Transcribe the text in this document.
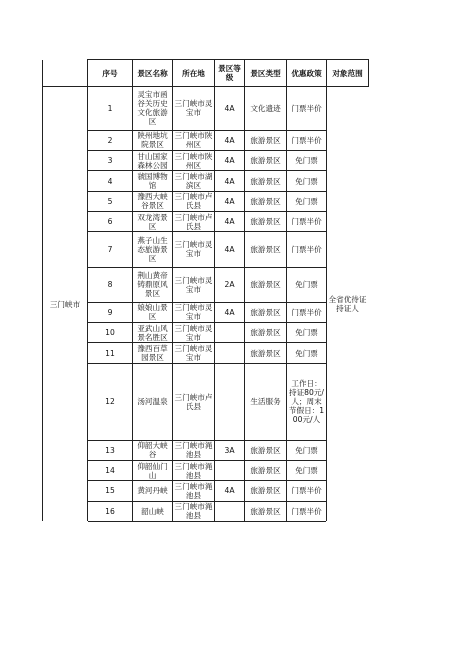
	序号	景区名称	所在地	景区等级	景区类型	优惠政策	对象范围
三门峡市	1	灵宝市函谷关历史文化旅游区	三门峡市灵宝市	4A	文化遗迹	门票半价	全省优待证持证人
	2	陕州地坑院景区	三门峡市陕州区	4A	旅游景区	门票半价	
	3	甘山国家森林公园	三门峡市陕州区	4A	旅游景区	免门票	
	4	虢国博物馆	三门峡市湖滨区	4A	旅游景区	免门票	
	5	豫西大峡谷景区	三门峡市卢氏县	4A	旅游景区	免门票	
	6	双龙湾景区	三门峡市卢氏县	4A	旅游景区	门票半价	
	7	燕子山生态旅游景区	三门峡市灵宝市	4A	旅游景区	门票半价	
	8	荆山黄帝铸鼎原风景区	三门峡市灵宝市	2A	旅游景区	免门票	
	9	娘娘山景区	三门峡市灵宝市	4A	旅游景区	门票半价	
	10	亚武山风景名胜区	三门峡市灵宝市		旅游景区	免门票	
	11	豫西百草园景区	三门峡市灵宝市		旅游景区	免门票	
	12	汤河温泉	三门峡市卢氏县		生活服务	工作日：持证80元/人；周末节假日：100元/人	
	13	仰韶大峡谷	三门峡市渑池县	3A	旅游景区	免门票	
	14	仰韶仙门山	三门峡市渑池县		旅游景区	免门票	
	15	黄河丹峡	三门峡市渑池县	4A	旅游景区	门票半价	
	16	韶山峡	三门峡市渑池县		旅游景区	门票半价	
